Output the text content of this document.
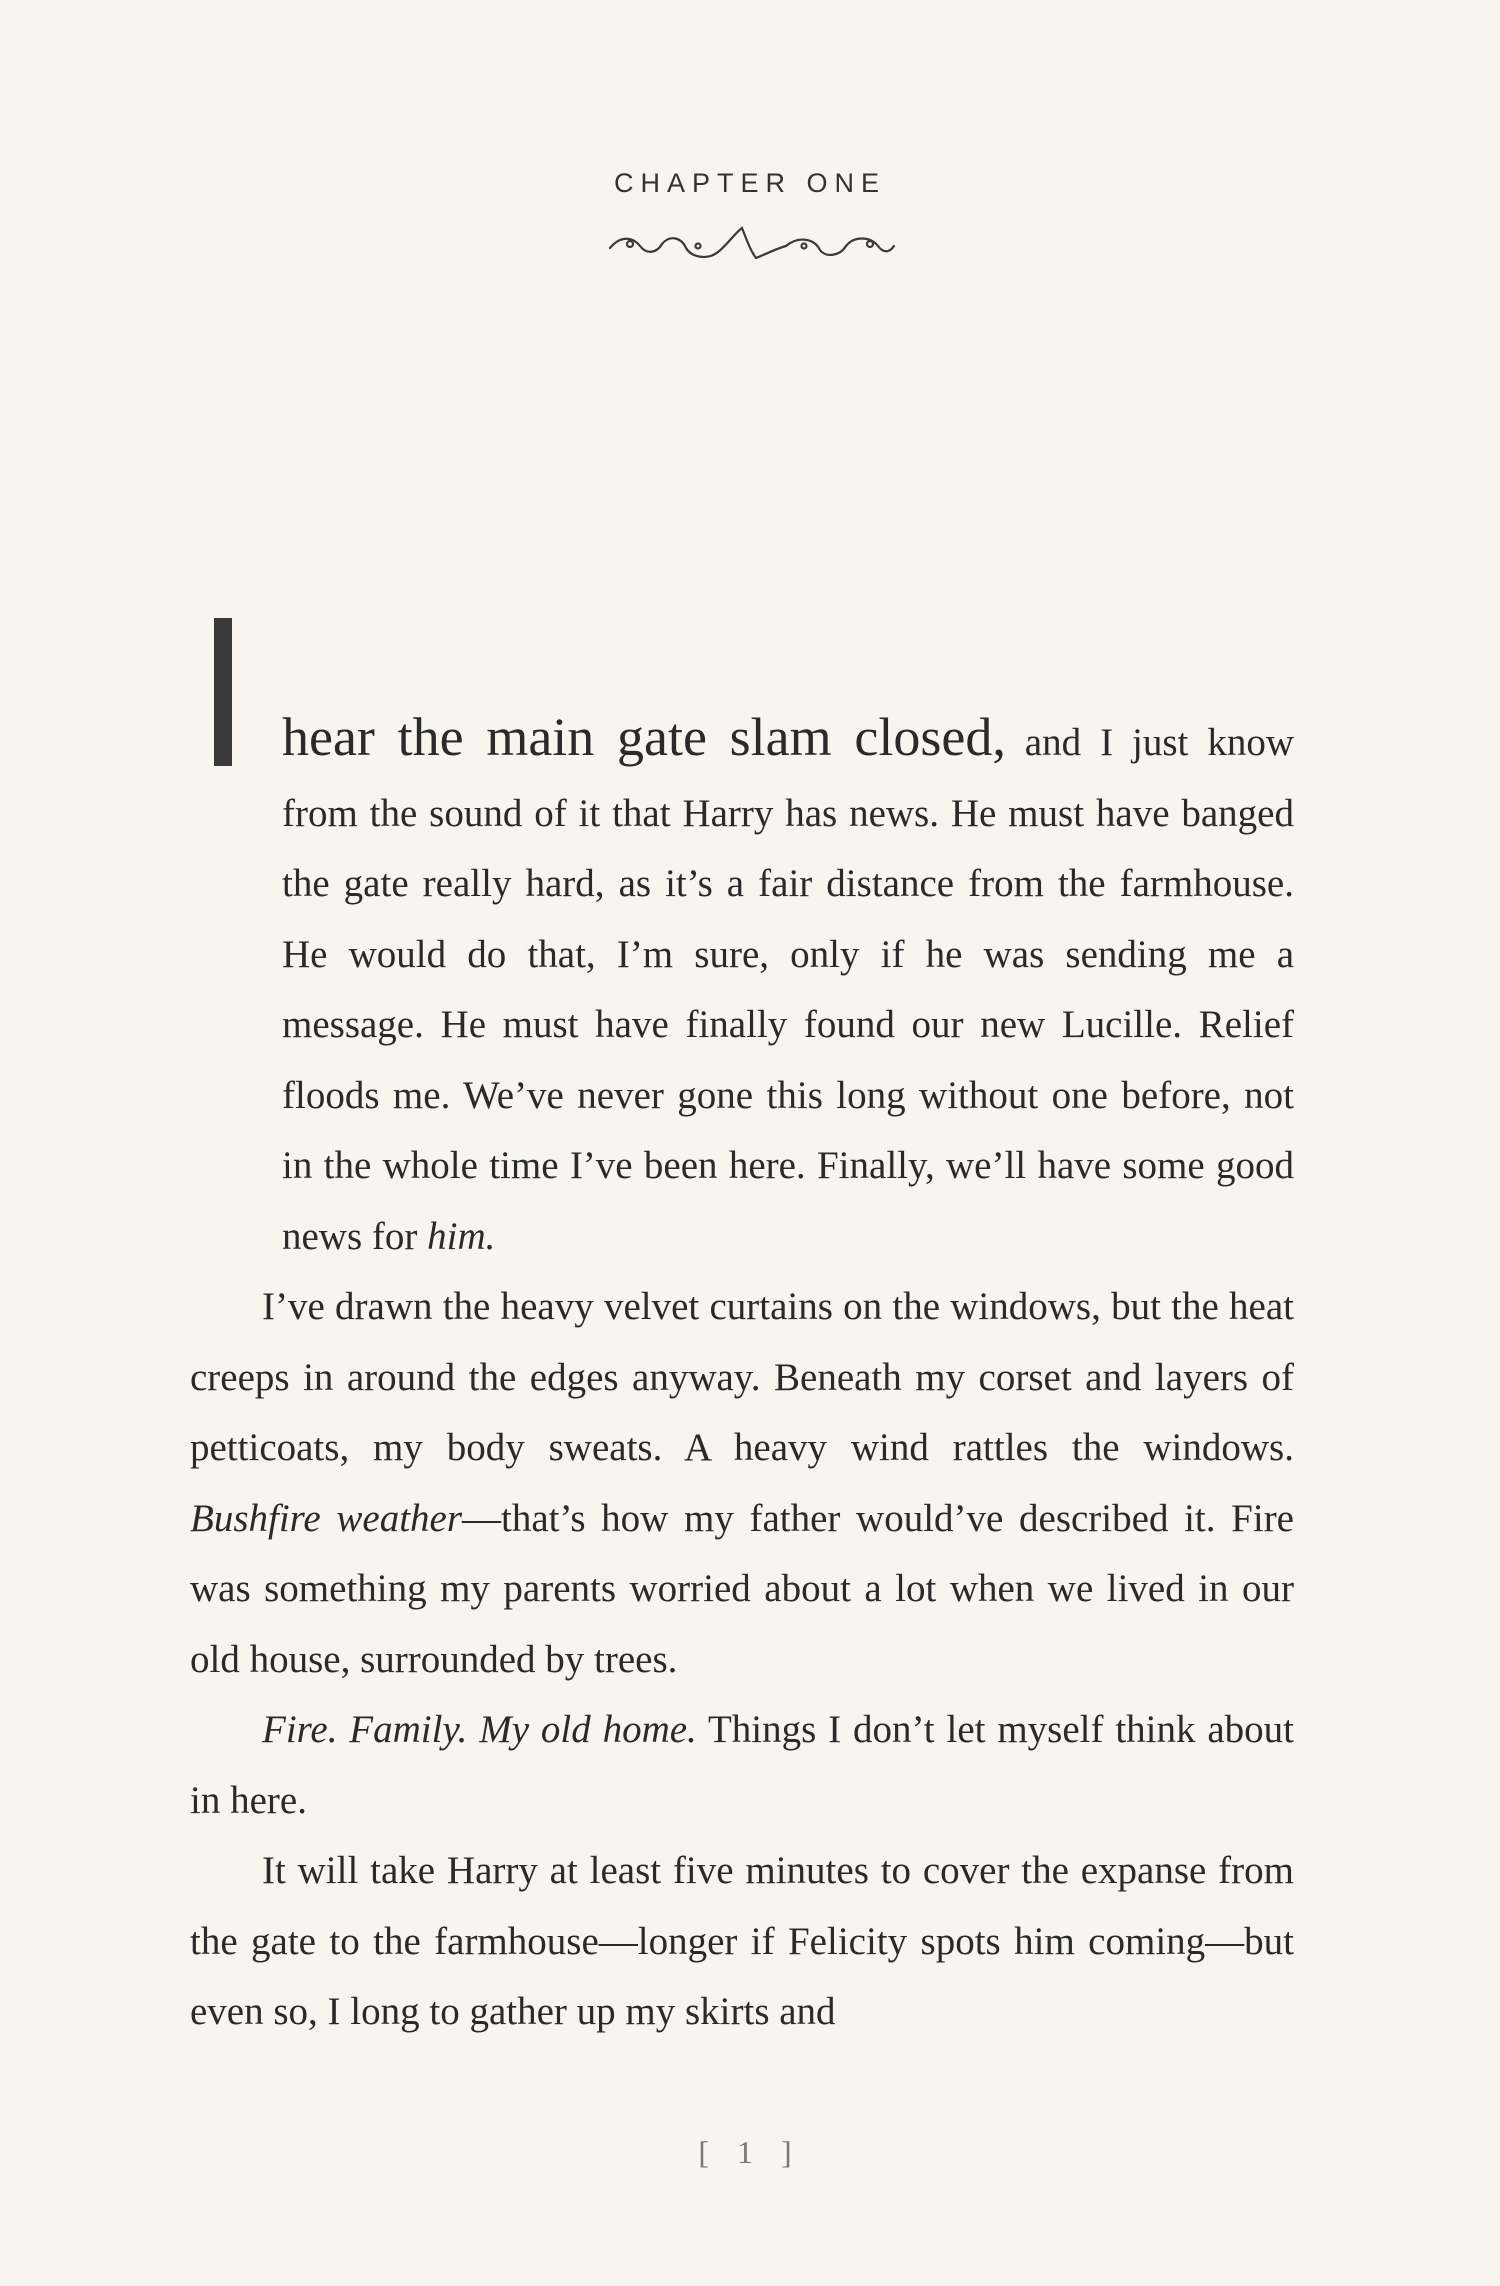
CHAPTER ONE

hear the main gate slam closed, and I just know from the sound of it that Harry has news. He must have banged the gate really hard, as it’s a fair distance from the farmhouse. He would do that, I’m sure, only if he was sending me a message. He must have finally found our new Lucille. Relief floods me. We’ve never gone this long without one before, not in the whole time I’ve been here. Finally, we’ll have some good news for him.

I’ve drawn the heavy velvet curtains on the windows, but the heat creeps in around the edges anyway. Beneath my corset and layers of petticoats, my body sweats. A heavy wind rattles the windows. Bushfire weather—that’s how my father would’ve described it. Fire was something my parents worried about a lot when we lived in our old house, surrounded by trees.

Fire. Family. My old home. Things I don’t let myself think about in here.

It will take Harry at least five minutes to cover the expanse from the gate to the farmhouse—longer if Felicity spots him coming—but even so, I long to gather up my skirts and

[ 1 ]
